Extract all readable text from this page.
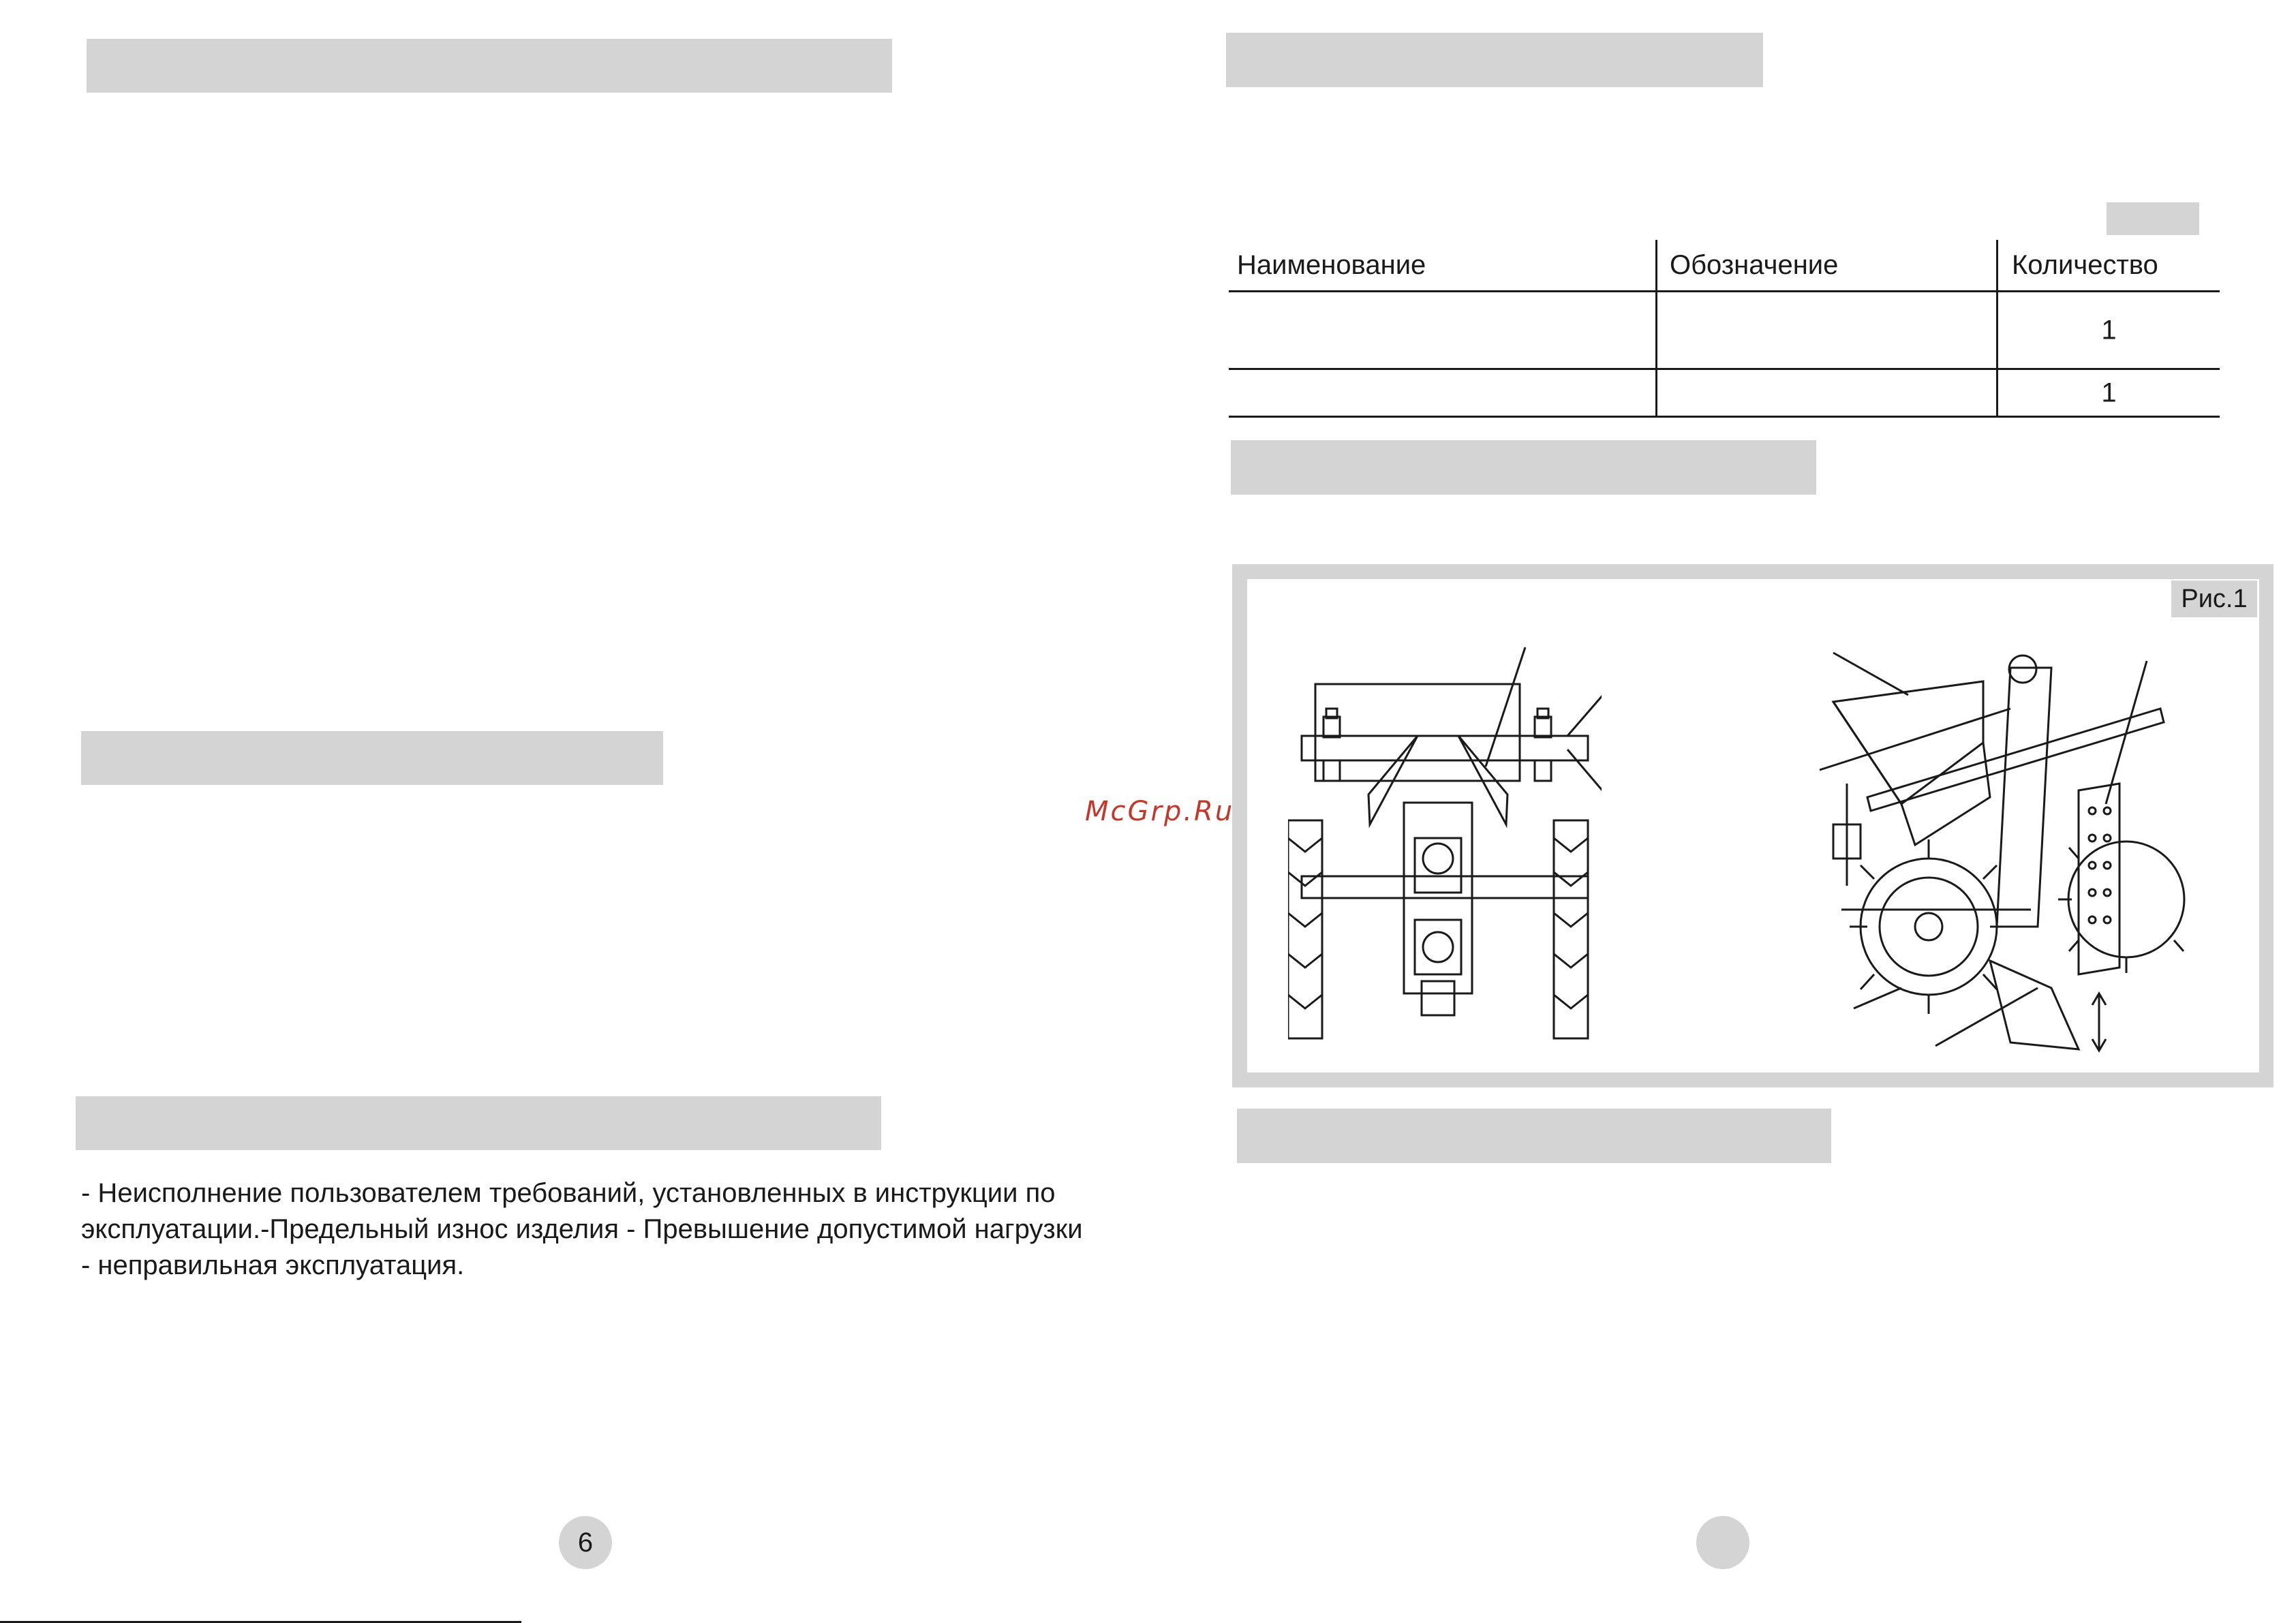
Наименование	Обозначение	Количество
1
1
Рис.1
McGrp.Ru
- Неисполнение пользователем требований, установленных в инструкции по эксплуатации.-Предельный износ изделия - Превышение допустимой нагрузки - неправильная эксплуатация.
6
